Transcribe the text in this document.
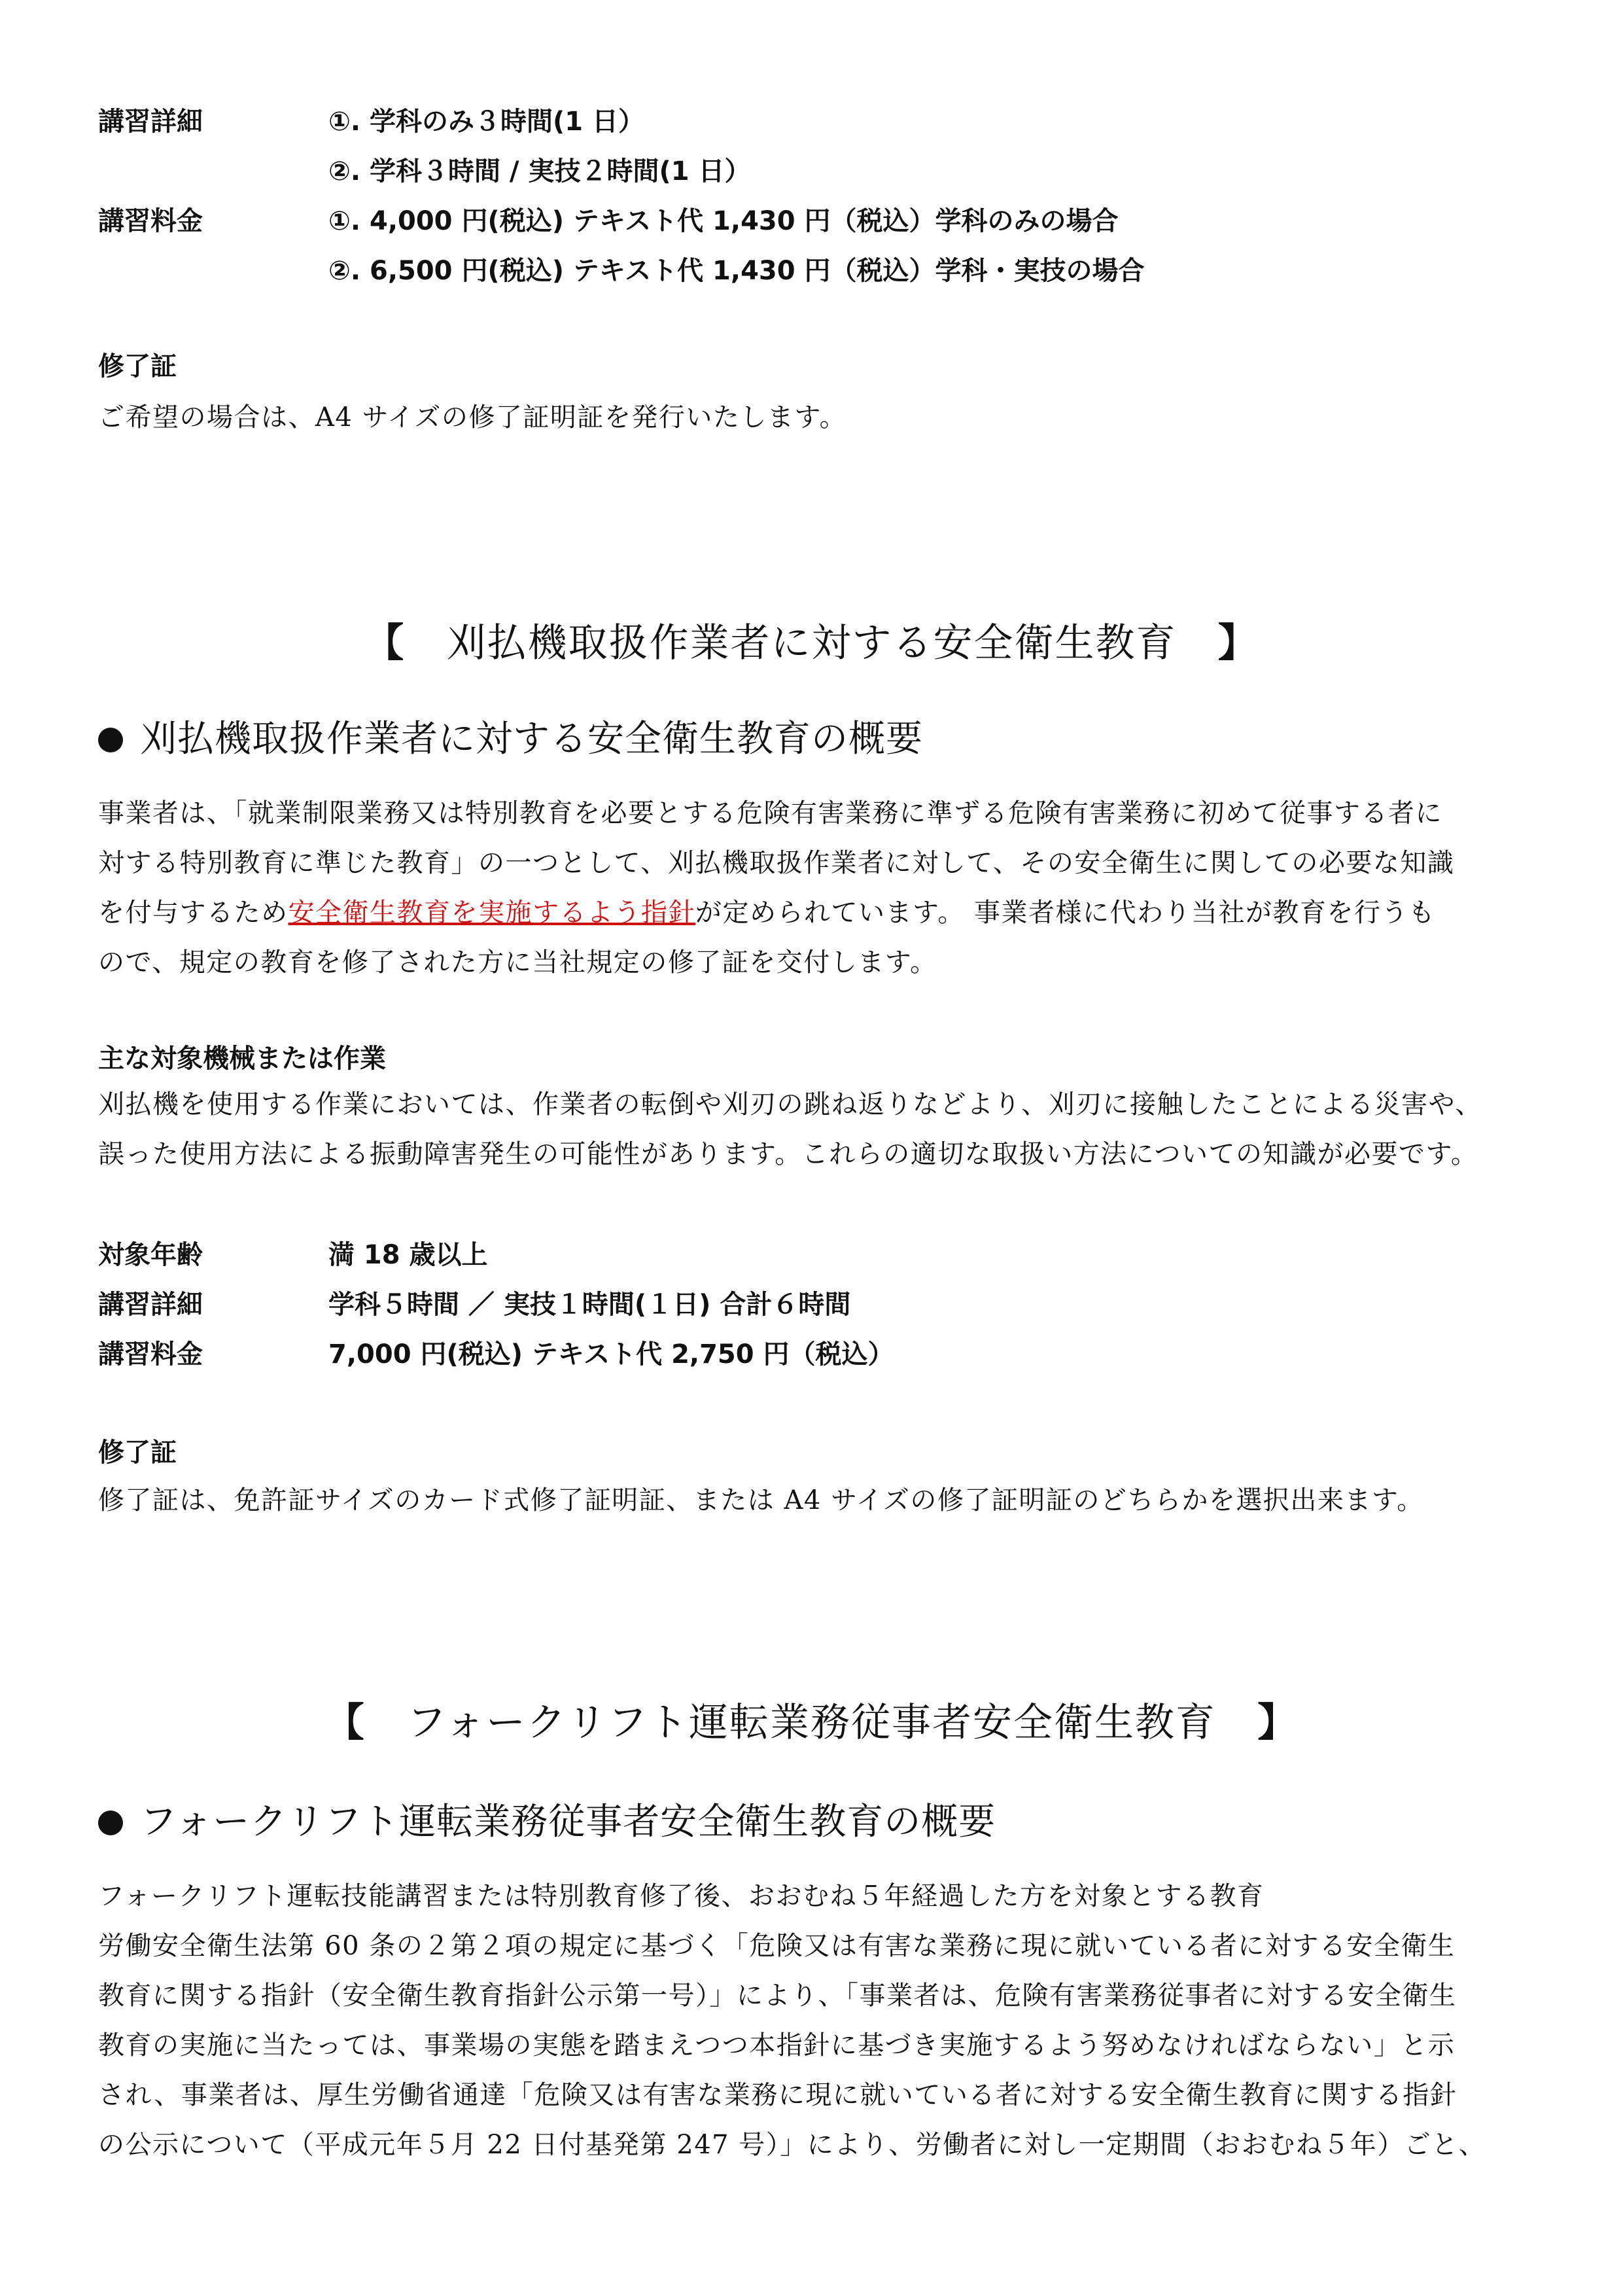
講習詳細	①. 学科のみ３時間(1 日）
②. 学科３時間 / 実技２時間(1 日）
講習料金	①. 4,000 円(税込) テキスト代 1,430 円（税込）学科のみの場合
②. 6,500 円(税込) テキスト代 1,430 円（税込）学科・実技の場合
修了証

ご希望の場合は、A4 サイズの修了証明証を発行いたします。

【 刈払機取扱作業者に対する安全衛生教育 】
刈払機取扱作業者に対する安全衛生教育の概要

事業者は、「就業制限業務又は特別教育を必要とする危険有害業務に準ずる危険有害業務に初めて従事する者に

対する特別教育に準じた教育」の一つとして、刈払機取扱作業者に対して、その安全衛生に関しての必要な知識

を付与するため安全衛生教育を実施するよう指針が定められています。 事業者様に代わり当社が教育を行うも

ので、規定の教育を修了された方に当社規定の修了証を交付します。

主な対象機械または作業

刈払機を使用する作業においては、作業者の転倒や刈刃の跳ね返りなどより、刈刃に接触したことによる災害や、

誤った使用方法による振動障害発生の可能性があります。これらの適切な取扱い方法についての知識が必要です。

対象年齢	満 18 歳以上
講習詳細	学科５時間 ／ 実技１時間(１日) 合計６時間
講習料金	7,000 円(税込) テキスト代 2,750 円（税込）
修了証

修了証は、免許証サイズのカード式修了証明証、または A4 サイズの修了証明証のどちらかを選択出来ます。

【 フォークリフト運転業務従事者安全衛生教育 】
フォークリフト運転業務従事者安全衛生教育の概要

フォークリフト運転技能講習または特別教育修了後、おおむね５年経過した方を対象とする教育

労働安全衛生法第 60 条の２第２項の規定に基づく「危険又は有害な業務に現に就いている者に対する安全衛生

教育に関する指針（安全衛生教育指針公示第一号）」により、「事業者は、危険有害業務従事者に対する安全衛生

教育の実施に当たっては、事業場の実態を踏まえつつ本指針に基づき実施するよう努めなければならない」と示

され、事業者は、厚生労働省通達「危険又は有害な業務に現に就いている者に対する安全衛生教育に関する指針

の公示について（平成元年５月 22 日付基発第 247 号）」により、労働者に対し一定期間（おおむね５年）ごと、
